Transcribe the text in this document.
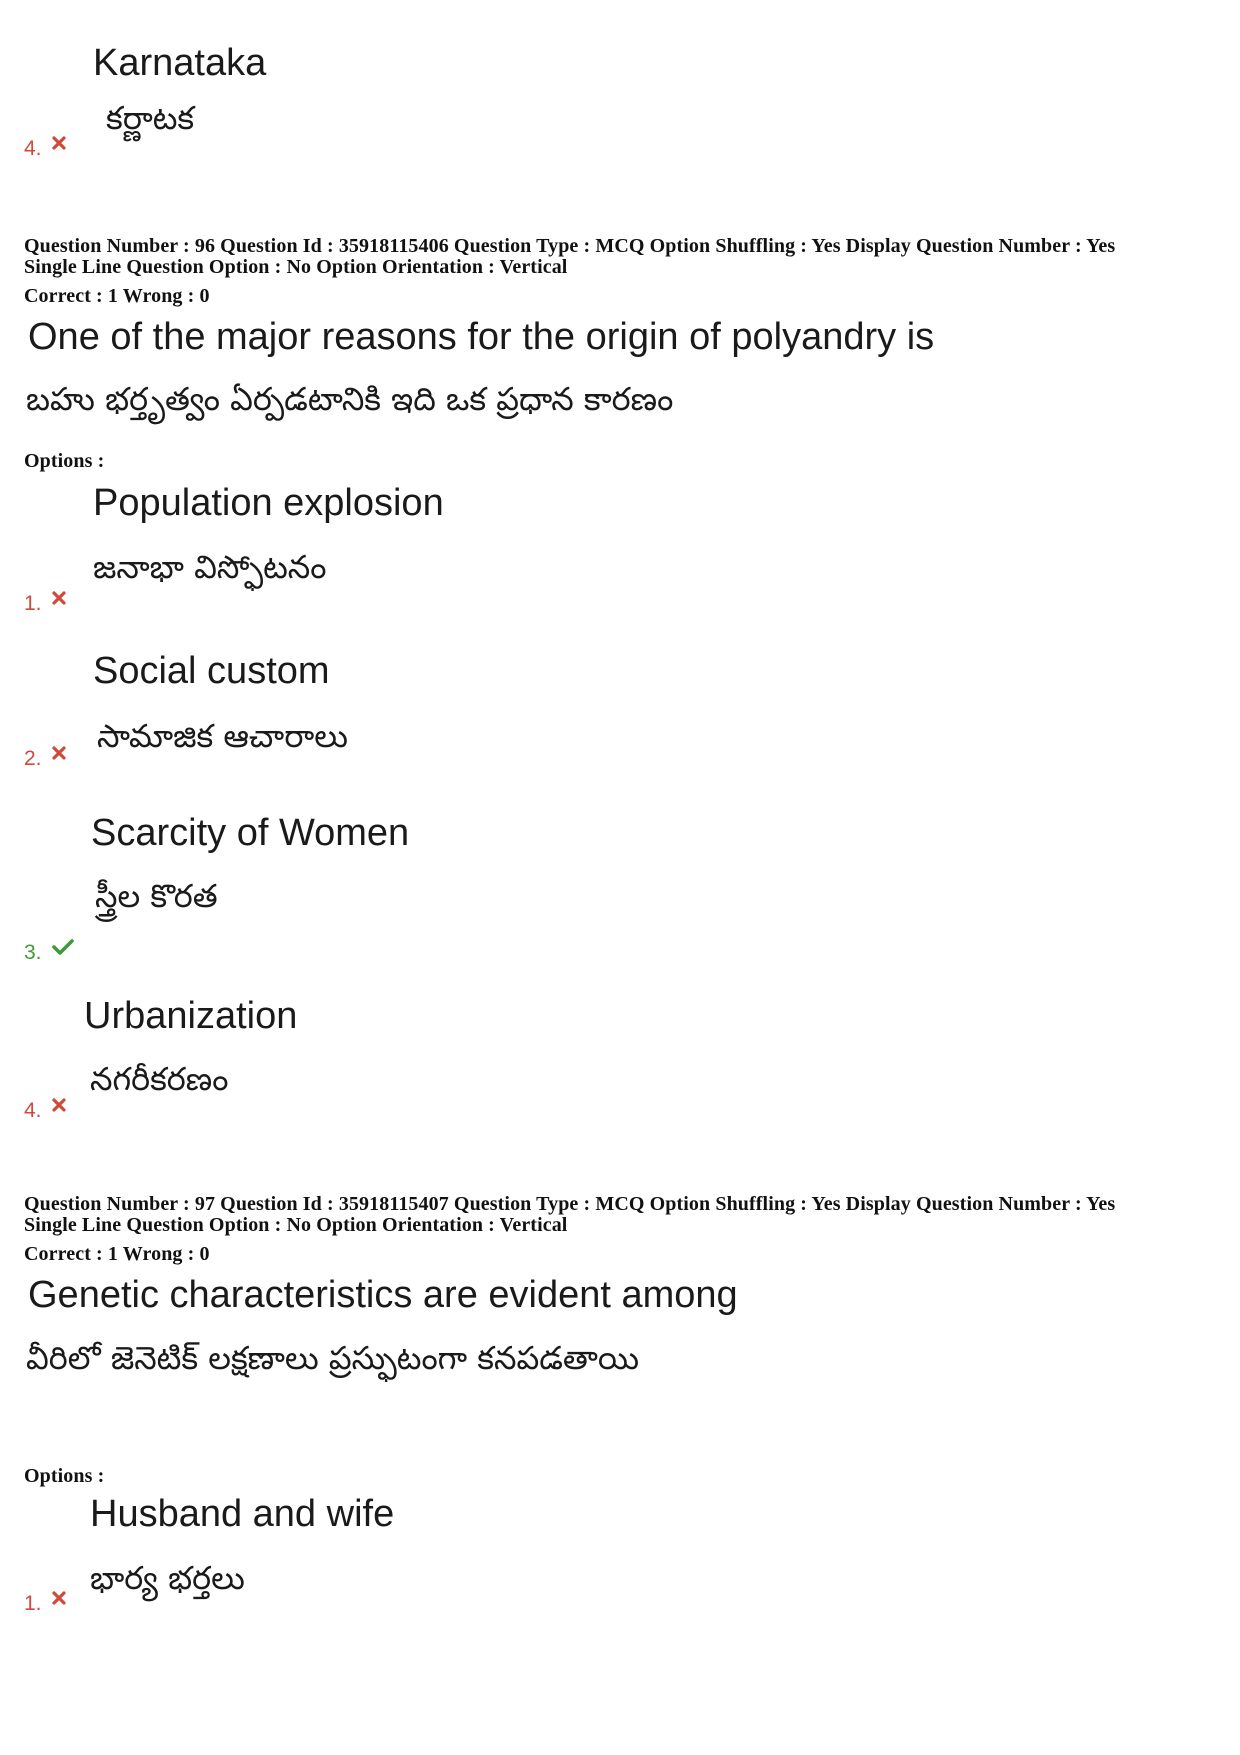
Karnataka
కర్ణాటక
4.
Question Number : 96 Question Id : 35918115406 Question Type : MCQ Option Shuffling : Yes Display Question Number : Yes
Single Line Question Option : No Option Orientation : Vertical
Correct : 1 Wrong : 0
One of the major reasons for the origin of polyandry is
బహు భర్తృత్వం ఏర్పడటానికి ఇది ఒక ప్రధాన కారణం
Options :
Population explosion
జనాభా విస్ఫోటనం
1.
Social custom
సామాజిక ఆచారాలు
2.
Scarcity of Women
స్త్రీల కొరత
3.
Urbanization
నగరీకరణం
4.
Question Number : 97 Question Id : 35918115407 Question Type : MCQ Option Shuffling : Yes Display Question Number : Yes
Single Line Question Option : No Option Orientation : Vertical
Correct : 1 Wrong : 0
Genetic characteristics are evident among
వీరిలో జెనెటిక్ లక్షణాలు ప్రస్ఫుటంగా కనపడతాయి
Options :
Husband and wife
భార్య భర్తలు
1.
